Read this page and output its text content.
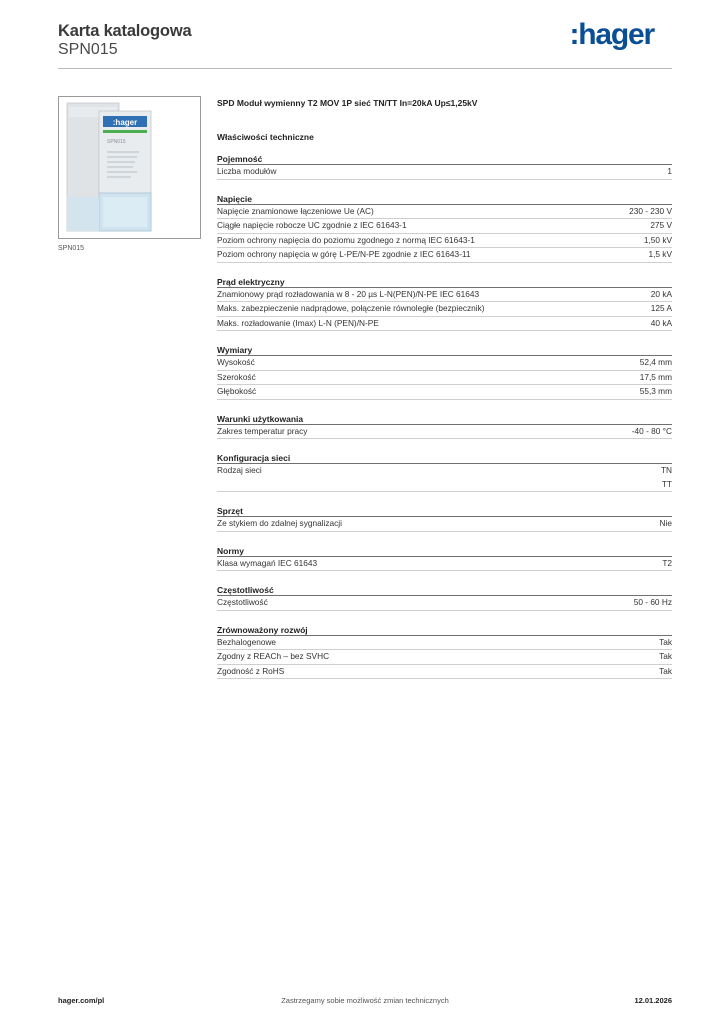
Karta katalogowa
SPN015	:hager
:hager
SPN015
SPN015
SPD Moduł wymienny T2 MOV 1P sieć TN/TT In=20kA Up≤1,25kV
Właściwości techniczne
Pojemność
Liczba modułów	1
Napięcie
Napięcie znamionowe łączeniowe Ue (AC)	230 - 230 V
Ciągłe napięcie robocze UC zgodnie z IEC 61643-1	275 V
Poziom ochrony napięcia do poziomu zgodnego z normą IEC 61643-1	1,50 kV
Poziom ochrony napięcia w górę L-PE/N-PE zgodnie z IEC 61643-11	1,5 kV
Prąd elektryczny
Znamionowy prąd rozładowania w 8 - 20 µs L-N(PEN)/N-PE IEC 61643	20 kA
Maks. zabezpieczenie nadprądowe, połączenie równoległe (bezpiecznik)	125 A
Maks. rozładowanie (Imax) L-N (PEN)/N-PE	40 kA
Wymiary
Wysokość	52,4 mm
Szerokość	17,5 mm
Głębokość	55,3 mm
Warunki użytkowania
Zakres temperatur pracy	-40 - 80 °C
Konfiguracja sieci
Rodzaj sieci	TN
TT
Sprzęt
Ze stykiem do zdalnej sygnalizacji	Nie
Normy
Klasa wymagań IEC 61643	T2
Częstotliwość
Częstotliwość	50 - 60 Hz
Zrównoważony rozwój
Bezhalogenowe	Tak
Zgodny z REACh – bez SVHC	Tak
Zgodność z RoHS	Tak
hager.com/pl	Zastrzegamy sobie możliwość zmian technicznych	12.01.2026
